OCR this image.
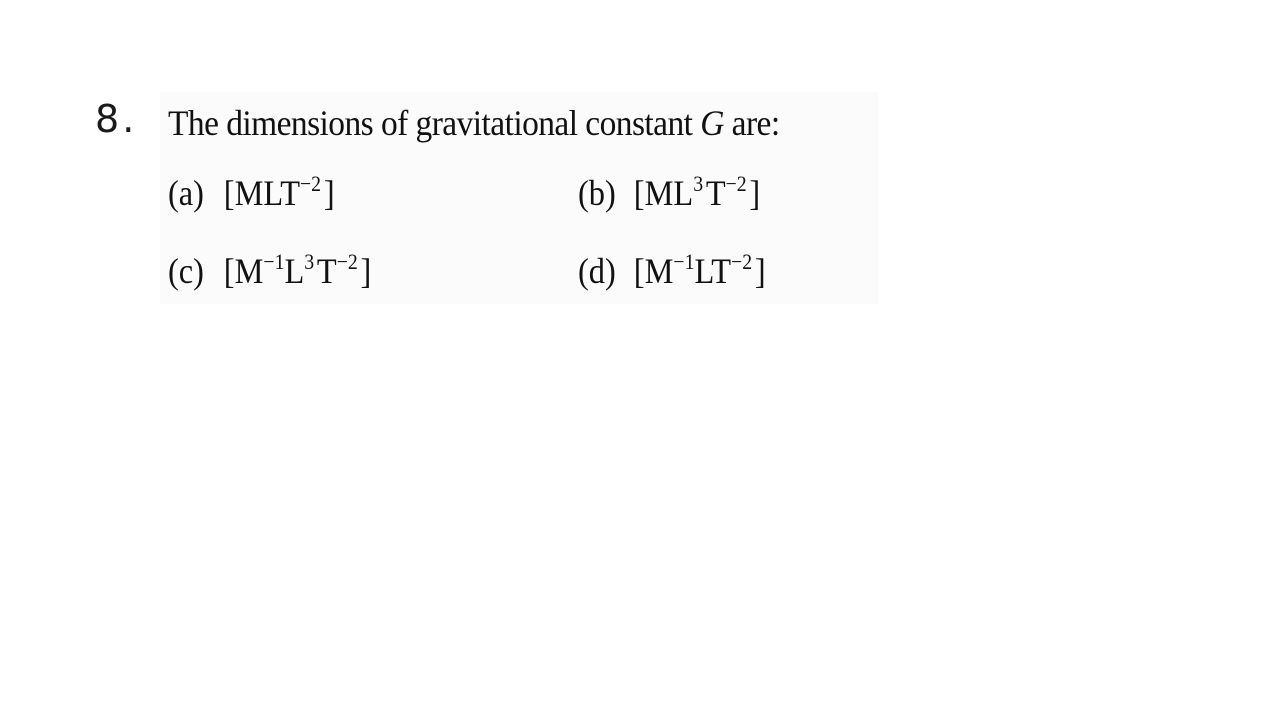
8. The dimensions of gravitational constant G are:
(a) [$MLT^{-2}$ ]	(b) [$ML^3$ $T^{-2}$ ]
(c) [$M^{-1}L^3$ $T^{-2}$ ]	(d) [$M^{-1}LT^{-2}$ ]
